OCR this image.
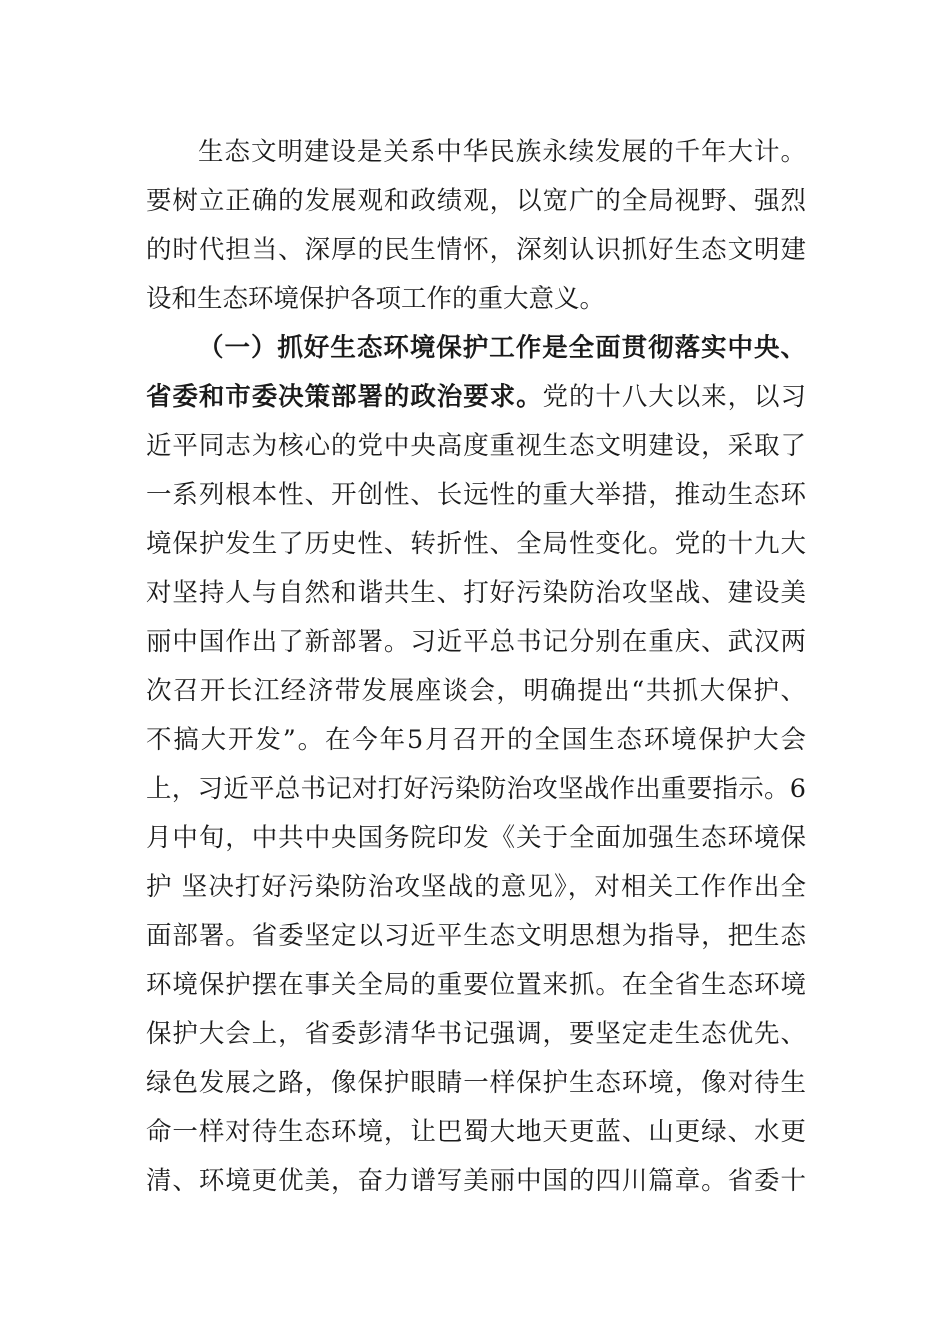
生态文明建设是关系中华民族永续发展的千年大计。
要树立正确的发展观和政绩观，以宽广的全局视野、强烈
的时代担当、深厚的民生情怀，深刻认识抓好生态文明建
设和生态环境保护各项工作的重大意义。
（一）抓好生态环境保护工作是全面贯彻落实中央、
省委和市委决策部署的政治要求。党的十八大以来，以习
近平同志为核心的党中央高度重视生态文明建设，采取了
一系列根本性、开创性、长远性的重大举措，推动生态环
境保护发生了历史性、转折性、全局性变化。党的十九大
对坚持人与自然和谐共生、打好污染防治攻坚战、建设美
丽中国作出了新部署。习近平总书记分别在重庆、武汉两
次召开长江经济带发展座谈会，明确提出“共抓大保护、
不搞大开发”。在今年5月召开的全国生态环境保护大会
上，习近平总书记对打好污染防治攻坚战作出重要指示。6
月中旬，中共中央国务院印发《关于全面加强生态环境保
护 坚决打好污染防治攻坚战的意见》，对相关工作作出全
面部署。省委坚定以习近平生态文明思想为指导，把生态
环境保护摆在事关全局的重要位置来抓。在全省生态环境
保护大会上，省委彭清华书记强调，要坚定走生态优先、
绿色发展之路，像保护眼睛一样保护生态环境，像对待生
命一样对待生态环境，让巴蜀大地天更蓝、山更绿、水更
清、环境更优美，奋力谱写美丽中国的四川篇章。省委十
